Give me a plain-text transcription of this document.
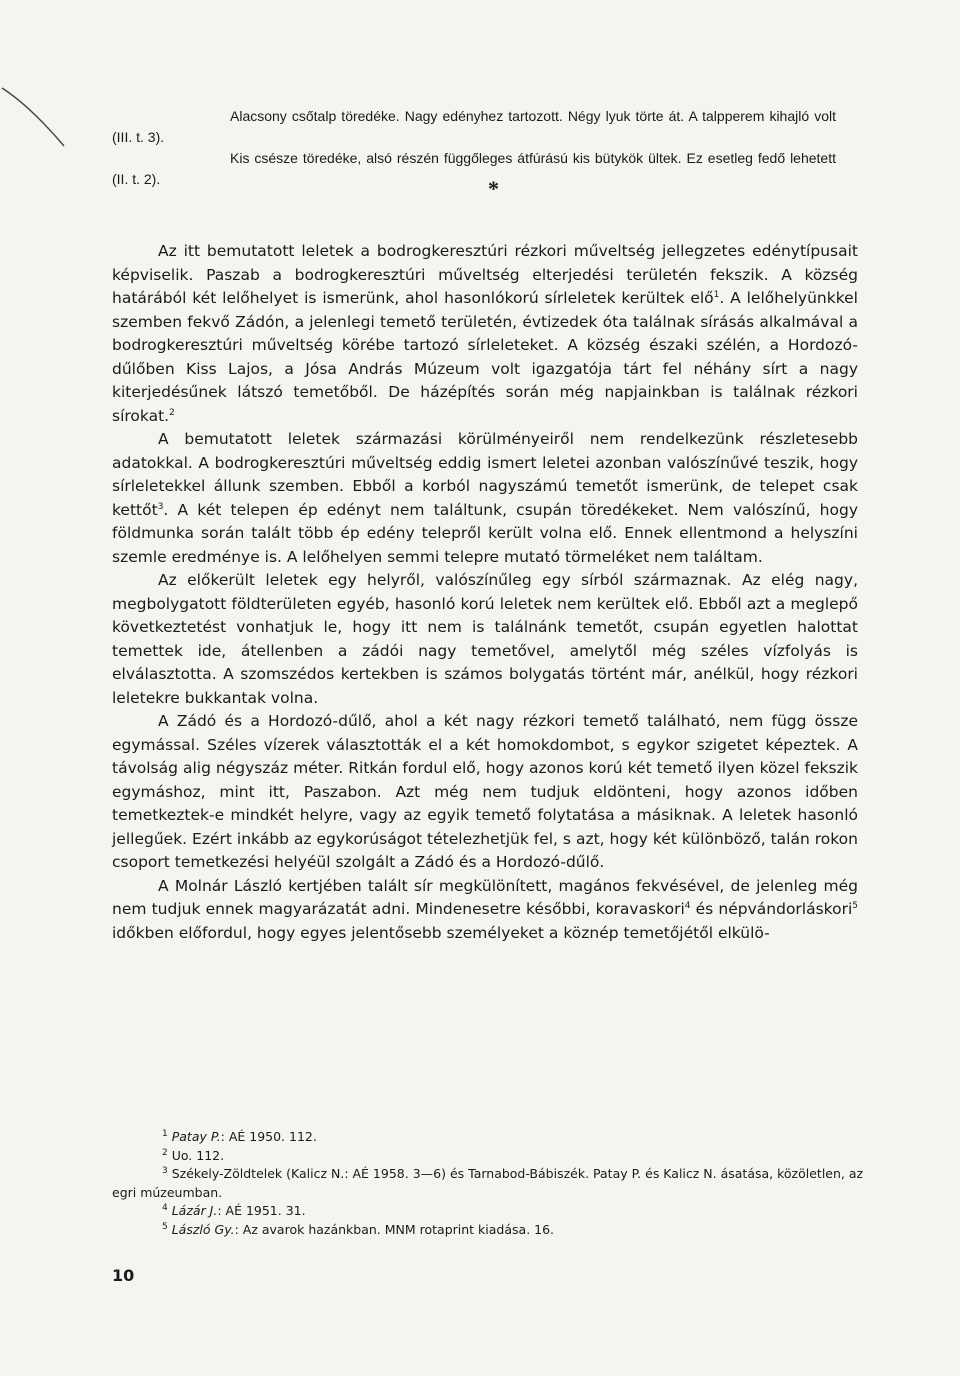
Alacsony csőtalp töredéke. Nagy edényhez tartozott. Négy lyuk törte át. A talpperem kihajló volt (III. t. 3).

Kis csésze töredéke, alsó részén függőleges átfúrású kis bütykök ültek. Ez esetleg fedő lehetett (II. t. 2).	*

Az itt bemutatott leletek a bodrogkeresztúri rézkori műveltség jellegzetes edénytípusait képviselik. Paszab a bodrogkeresztúri műveltség elterjedési területén fekszik. A község határából két lelőhelyet is ismerünk, ahol hasonlókorú sírleletek kerültek elő$^1$. A lelőhelyünkkel szemben fekvő Zádón, a jelenlegi temető területén, évtizedek óta találnak sírásás alkalmával a bodrogkeresztúri műveltség körébe tartozó sírleleteket. A község északi szélén, a Hordozó-dűlőben Kiss Lajos, a Jósa András Múzeum volt igazgatója tárt fel néhány sírt a nagy kiterjedésűnek látszó temetőből. De házépítés során még napjainkban is találnak rézkori sírokat.$^2$

A bemutatott leletek származási körülményeiről nem rendelkezünk részletesebb adatokkal. A bodrogkeresztúri műveltség eddig ismert leletei azonban valószínűvé teszik, hogy sírleletekkel állunk szemben. Ebből a korból nagyszámú temetőt ismerünk, de telepet csak kettőt$^3$. A két telepen ép edényt nem találtunk, csupán töredékeket. Nem valószínű, hogy földmunka során talált több ép edény telepről került volna elő. Ennek ellentmond a helyszíni szemle eredménye is. A lelőhelyen semmi telepre mutató törmeléket nem találtam.

Az előkerült leletek egy helyről, valószínűleg egy sírból származnak. Az elég nagy, megbolygatott földterületen egyéb, hasonló korú leletek nem kerültek elő. Ebből azt a meglepő következtetést vonhatjuk le, hogy itt nem is találnánk temetőt, csupán egyetlen halottat temettek ide, átellenben a zádói nagy temetővel, amelytől még széles vízfolyás is elválasztotta. A szomszédos kertekben is számos bolygatás történt már, anélkül, hogy rézkori leletekre bukkantak volna.

A Zádó és a Hordozó-dűlő, ahol a két nagy rézkori temető található, nem függ össze egymással. Széles vízerek választották el a két homokdombot, s egykor szigetet képeztek. A távolság alig négyszáz méter. Ritkán fordul elő, hogy azonos korú két temető ilyen közel fekszik egymáshoz, mint itt, Paszabon. Azt még nem tudjuk eldönteni, hogy azonos időben temetkeztek-e mindkét helyre, vagy az egyik temető folytatása a másiknak. A leletek hasonló jellegűek. Ezért inkább az egykorúságot tételezhetjük fel, s azt, hogy két különböző, talán rokon csoport temetkezési helyéül szolgált a Zádó és a Hordozó-dűlő.

A Molnár László kertjében talált sír megkülönített, magános fekvésével, de jelenleg még nem tudjuk ennek magyarázatát adni. Mindenesetre későbbi, koravaskori$^4$ és népvándorláskori$^5$ időkben előfordul, hogy egyes jelentősebb személyeket a köznép temetőjétől elkülö-

$^1$ Patay P.: AÉ 1950. 112.

$^2$ Uo. 112.

$^3$ Székely-Zöldtelek (Kalicz N.: AÉ 1958. 3—6) és Tarnabod-Bábiszék. Patay P. és Kalicz N. ásatása, közöletlen, az egri múzeumban.

$^4$ Lázár J.: AÉ 1951. 31.

$^5$ László Gy.: Az avarok hazánkban. MNM rotaprint kiadása. 16.

10
